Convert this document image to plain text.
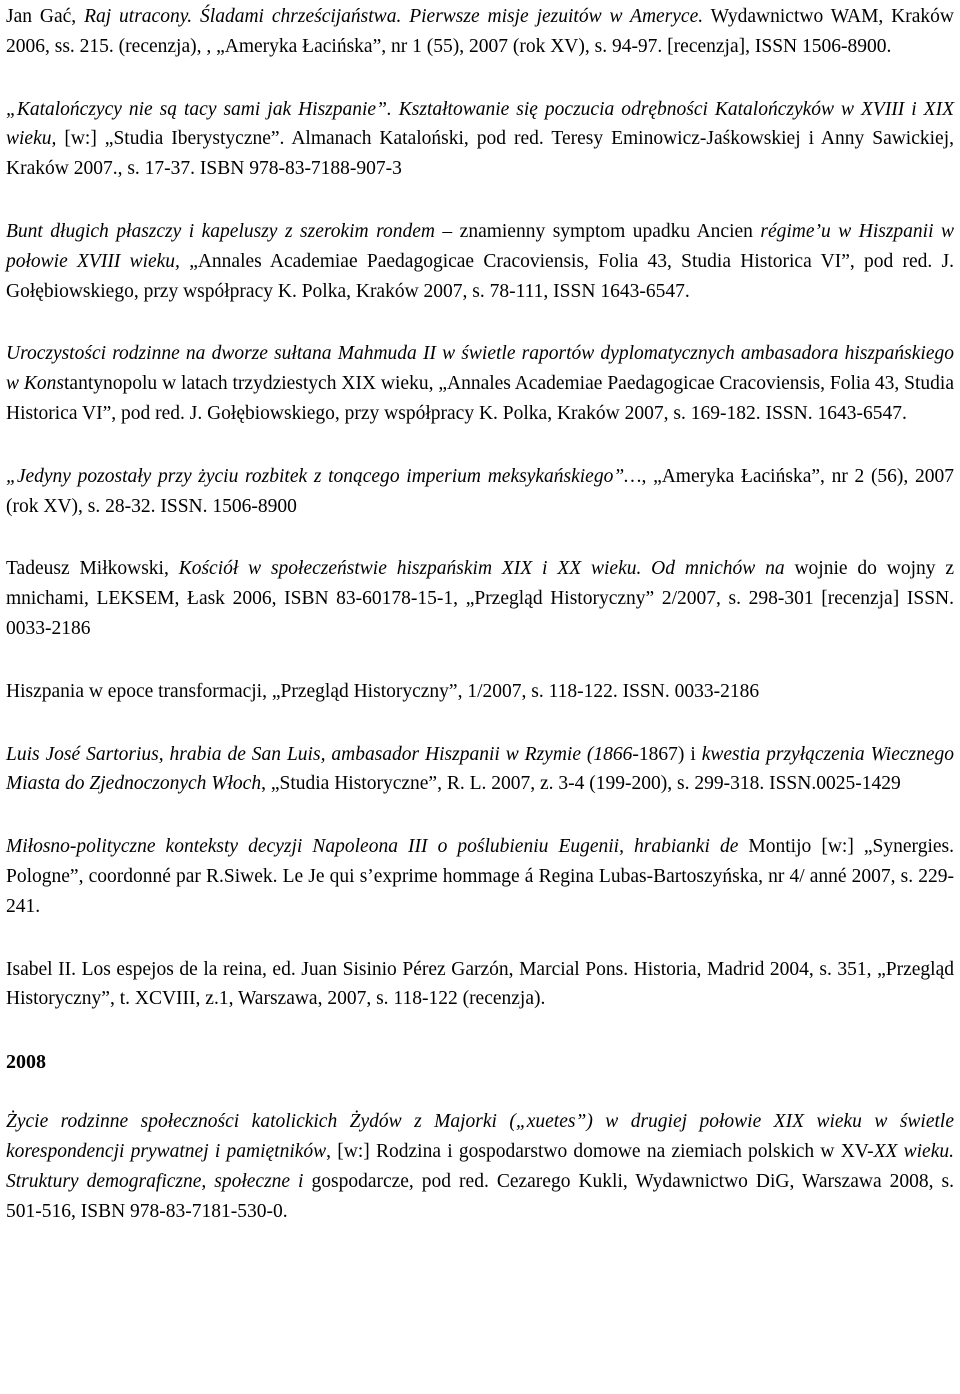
Jan Gać, Raj utracony. Śladami chrześcijaństwa. Pierwsze misje jezuitów w Ameryce. Wydawnictwo WAM, Kraków 2006, ss. 215. (recenzja), , „Ameryka Łacińska”, nr 1 (55), 2007 (rok XV), s. 94-97. [recenzja], ISSN 1506-8900.

„Katalończycy nie są tacy sami jak Hiszpanie”. Kształtowanie się poczucia odrębności Katalończyków w XVIII i XIX wieku, [w:] „Studia Iberystyczne”. Almanach Kataloński, pod red. Teresy Eminowicz-Jaśkowskiej i Anny Sawickiej, Kraków 2007., s. 17-37. ISBN 978-83-7188-907-3

Bunt długich płaszczy i kapeluszy z szerokim rondem – znamienny symptom upadku Ancien régime’u w Hiszpanii w połowie XVIII wieku, „Annales Academiae Paedagogicae Cracoviensis, Folia 43, Studia Historica VI”, pod red. J. Gołębiowskiego, przy współpracy K. Polka, Kraków 2007, s. 78-111, ISSN 1643-6547.

Uroczystości rodzinne na dworze sułtana Mahmuda II w świetle raportów dyplomatycznych ambasadora hiszpańskiego w Konstantynopolu w latach trzydziestych XIX wieku, „Annales Academiae Paedagogicae Cracoviensis, Folia 43, Studia Historica VI”, pod red. J. Gołębiowskiego, przy współpracy K. Polka, Kraków 2007, s. 169-182. ISSN. 1643-6547.

„Jedyny pozostały przy życiu rozbitek z tonącego imperium meksykańskiego”…, „Ameryka Łacińska”, nr 2 (56), 2007 (rok XV), s. 28-32. ISSN. 1506-8900

Tadeusz Miłkowski, Kościół w społeczeństwie hiszpańskim XIX i XX wieku. Od mnichów na wojnie do wojny z mnichami, LEKSEM, Łask 2006, ISBN 83-60178-15-1, „Przegląd Historyczny” 2/2007, s. 298-301 [recenzja] ISSN. 0033-2186

Hiszpania w epoce transformacji, „Przegląd Historyczny”, 1/2007, s. 118-122. ISSN. 0033-2186

Luis José Sartorius, hrabia de San Luis, ambasador Hiszpanii w Rzymie (1866-1867) i kwestia przyłączenia Wiecznego Miasta do Zjednoczonych Włoch, „Studia Historyczne”, R. L. 2007, z. 3-4 (199-200), s. 299-318. ISSN.0025-1429

Miłosno-polityczne konteksty decyzji Napoleona III o poślubieniu Eugenii, hrabianki de Montijo [w:] „Synergies. Pologne”, coordonné par R.Siwek. Le Je qui s’exprime hommage á Regina Lubas-Bartoszyńska, nr 4/ anné 2007, s. 229-241.

Isabel II. Los espejos de la reina, ed. Juan Sisinio Pérez Garzón, Marcial Pons. Historia, Madrid 2004, s. 351, „Przegląd Historyczny”, t. XCVIII, z.1, Warszawa, 2007, s. 118-122 (recenzja).

2008

Życie rodzinne społeczności katolickich Żydów z Majorki („xuetes”) w drugiej połowie XIX wieku w świetle korespondencji prywatnej i pamiętników, [w:] Rodzina i gospodarstwo domowe na ziemiach polskich w XV-XX wieku. Struktury demograficzne, społeczne i gospodarcze, pod red. Cezarego Kukli, Wydawnictwo DiG, Warszawa 2008, s. 501-516, ISBN 978-83-7181-530-0.
